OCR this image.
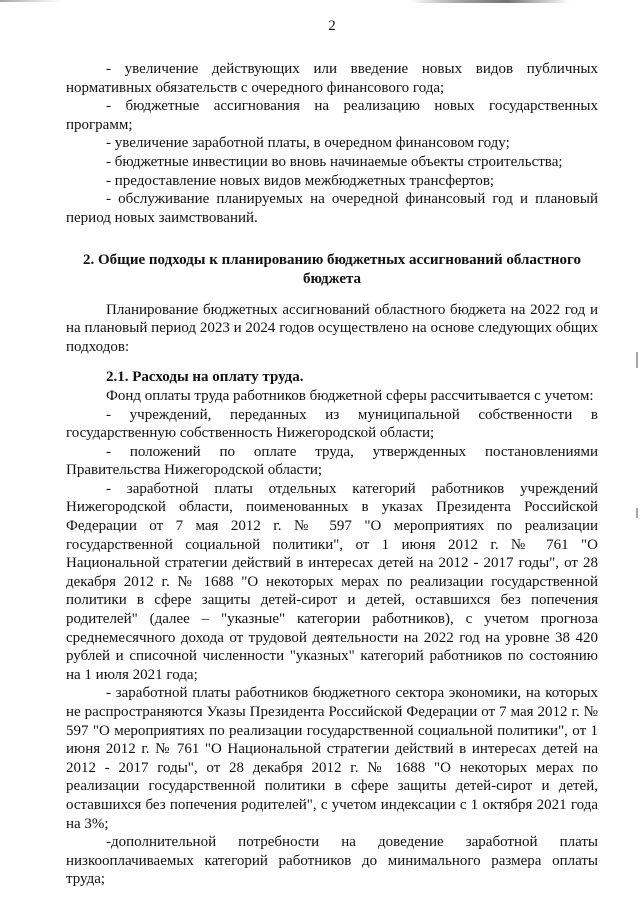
2

- увеличение действующих или введение новых видов публичных нормативных обязательств с очередного финансового года;

- бюджетные ассигнования на реализацию новых государственных программ;

- увеличение заработной платы, в очередном финансовом году;

- бюджетные инвестиции во вновь начинаемые объекты строительства;

- предоставление новых видов межбюджетных трансфертов;

- обслуживание планируемых на очередной финансовый год и плановый период новых заимствований.

2. Общие подходы к планированию бюджетных ассигнований областного бюджета

Планирование бюджетных ассигнований областного бюджета на 2022 год и на плановый период 2023 и 2024 годов осуществлено на основе следующих общих подходов:

2.1. Расходы на оплату труда.

Фонд оплаты труда работников бюджетной сферы рассчитывается с учетом:

- учреждений, переданных из муниципальной собственности в государственную собственность Нижегородской области;

- положений по оплате труда, утвержденных постановлениями Правительства Нижегородской области;

- заработной платы отдельных категорий работников учреждений Нижегородской области, поименованных в указах Президента Российской Федерации от 7 мая 2012 г. № 597 "О мероприятиях по реализации государственной социальной политики", от 1 июня 2012 г. № 761 "О Национальной стратегии действий в интересах детей на 2012 - 2017 годы", от 28 декабря 2012 г. № 1688 "О некоторых мерах по реализации государственной политики в сфере защиты детей-сирот и детей, оставшихся без попечения родителей" (далее – "указные" категории работников), с учетом прогноза среднемесячного дохода от трудовой деятельности на 2022 год на уровне 38 420 рублей и списочной численности "указных" категорий работников по состоянию на 1 июля 2021 года;

- заработной платы работников бюджетного сектора экономики, на которых не распространяются Указы Президента Российской Федерации от 7 мая 2012 г. № 597 "О мероприятиях по реализации государственной социальной политики", от 1 июня 2012 г. № 761 "О Национальной стратегии действий в интересах детей на 2012 - 2017 годы", от 28 декабря 2012 г. № 1688 "О некоторых мерах по реализации государственной политики в сфере защиты детей-сирот и детей, оставшихся без попечения родителей", с учетом индексации с 1 октября 2021 года на 3%;

-дополнительной потребности на доведение заработной платы низкооплачиваемых категорий работников до минимального размера оплаты труда;
